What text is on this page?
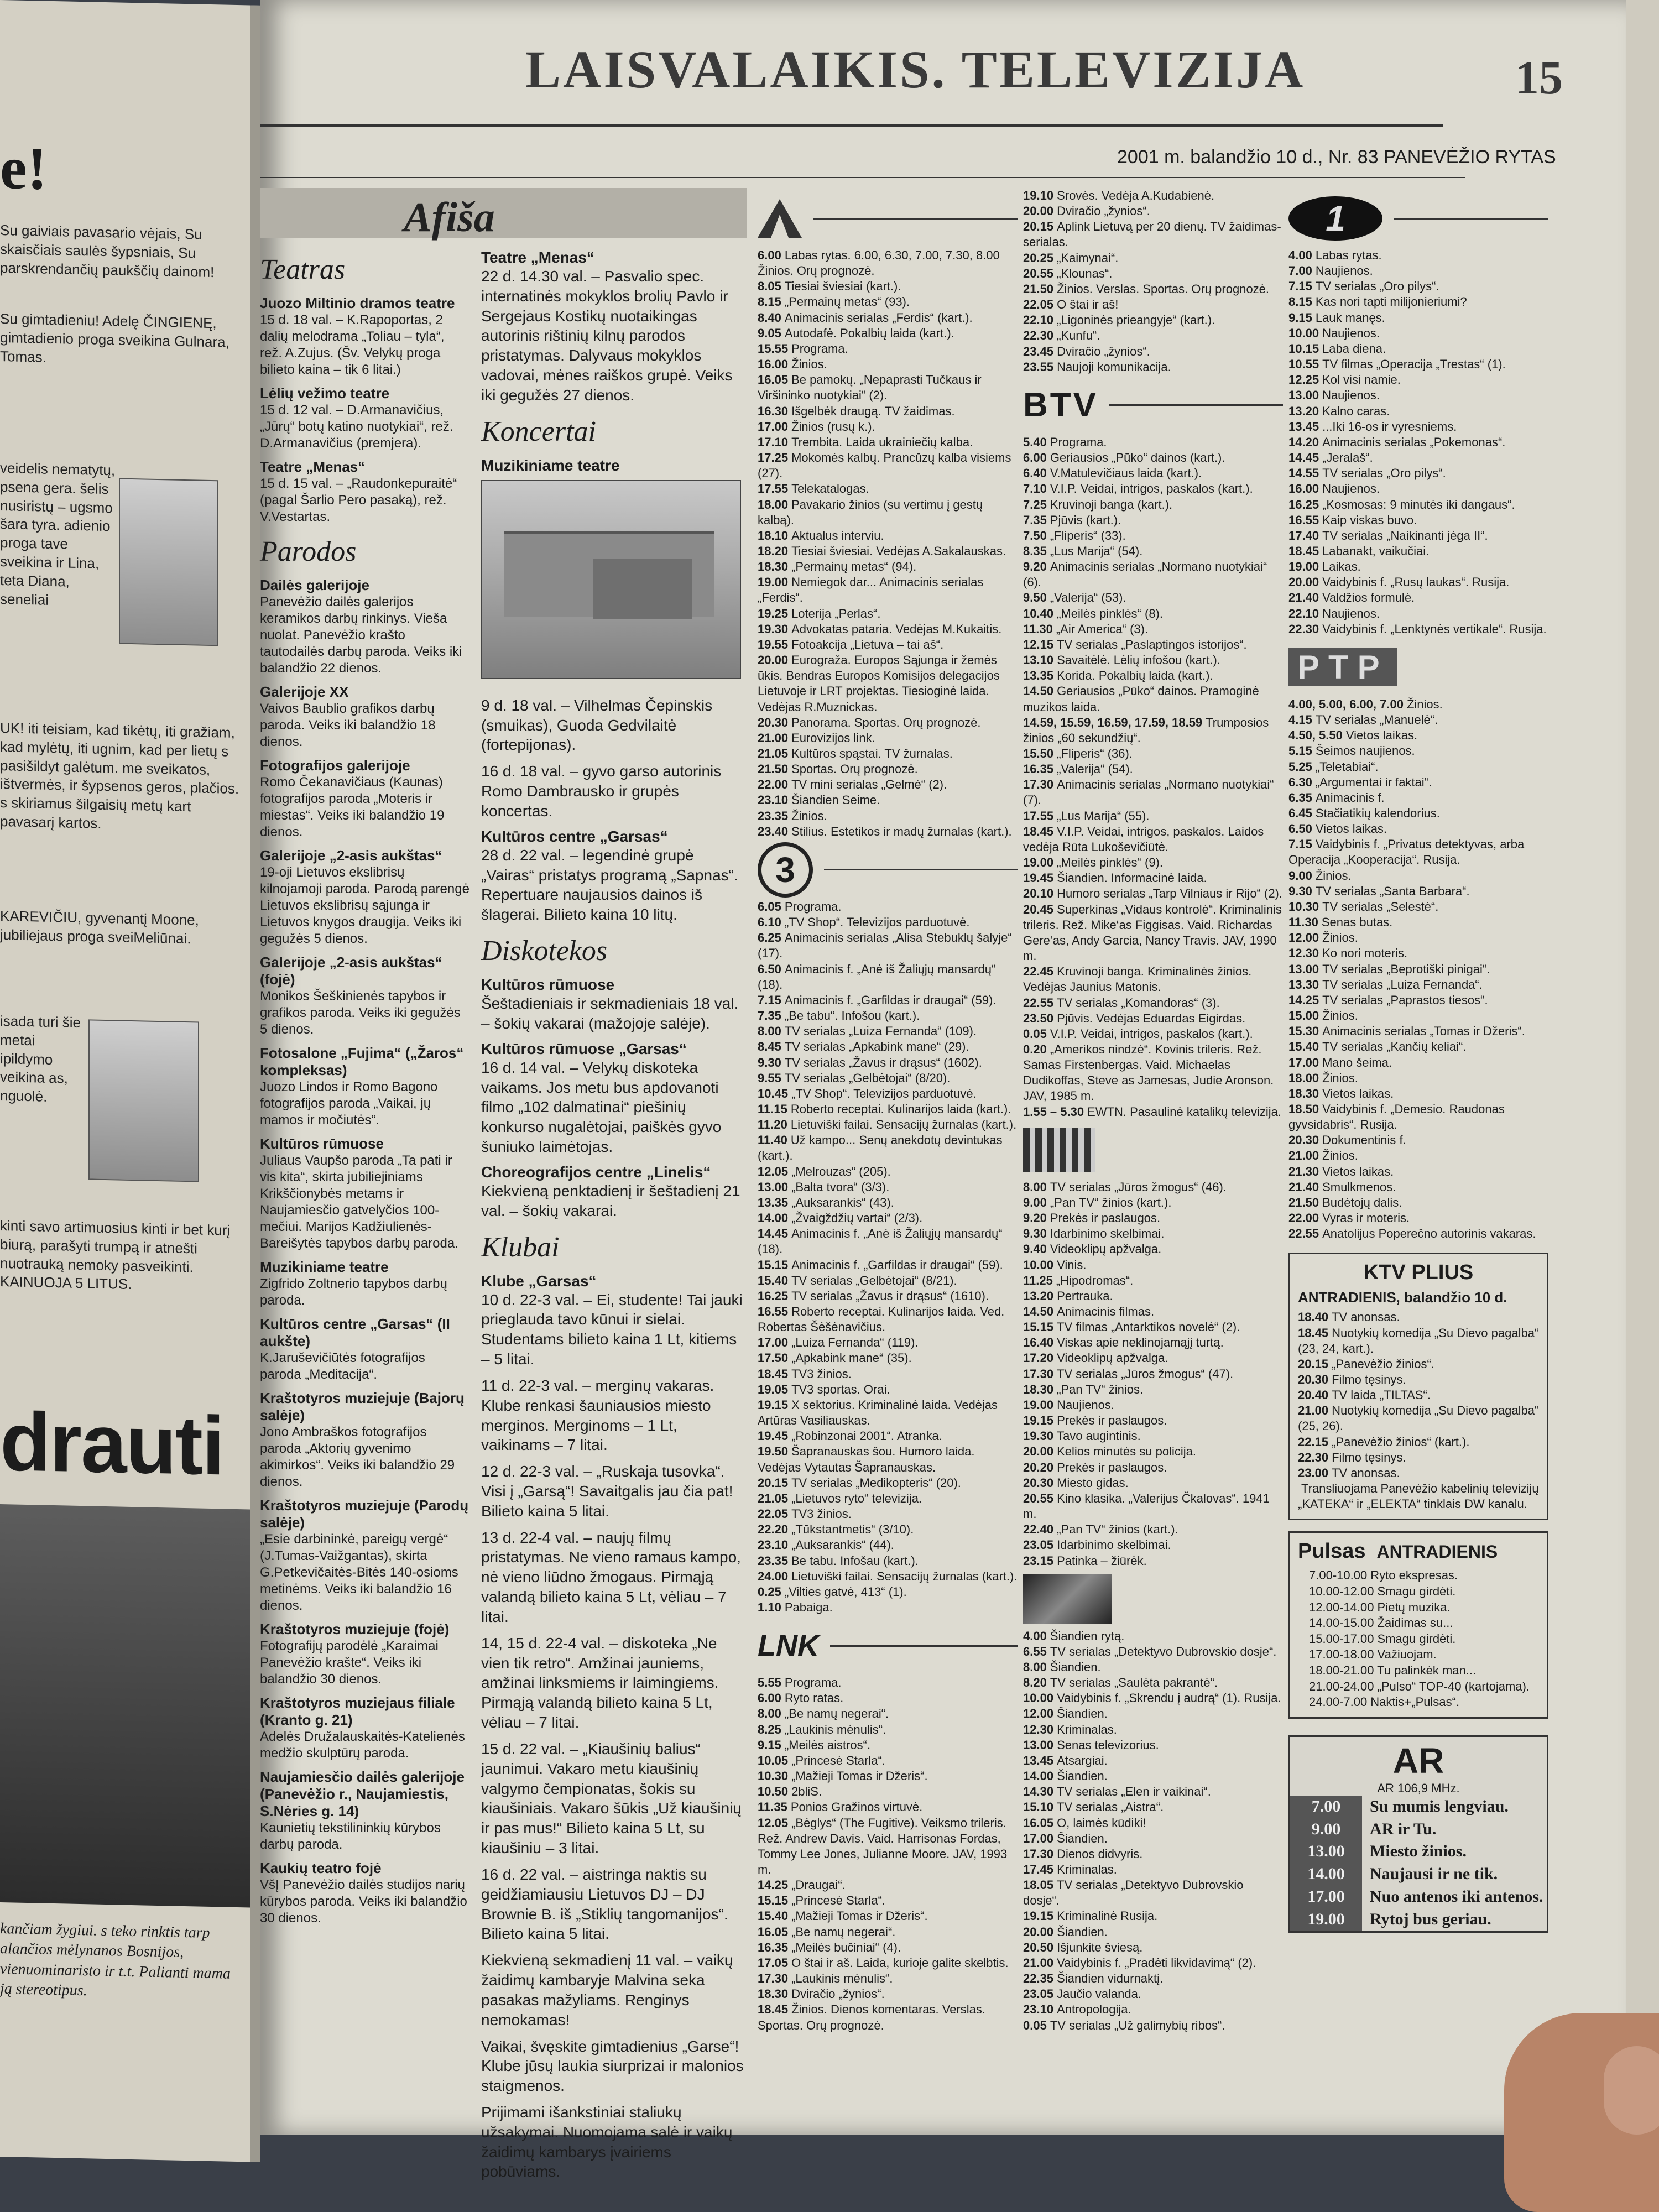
e!
Su gaiviais pavasario vėjais, Su skaisčiais saulės šypsniais, Su parskrendančių paukščių dainom!
Su gimtadieniu! Adelę ČINGIENĘ, gimtadienio proga sveikina Gulnara, Tomas.
veidelis nematytų, psena gera. šelis nusiristų – ugsmo šara tyra. adienio proga tave sveikina ir Lina, teta Diana, seneliai
UK! iti teisiam, kad tikėtų, iti gražiam, kad mylėtų, iti ugnim, kad per lietų s pasišildyt galėtum. me sveikatos, ištvermės, ir šypsenos geros, plačios. s skiriamus šilgaisių metų kart pavasarį kartos.
KAREVIČIU, gyvenantį Moone, jubiliejaus proga sveiMeliūnai.
isada turi šie metai ipildymo veikina as, nguolė.
kinti savo artimuosius kinti ir bet kurį biurą, parašyti trumpą ir atnešti nuotrauką nemoky pasveikinti. KAINUOJA 5 LITUS.
drauti
kančiam žygiui. s teko rinktis tarp alančios mėlynanos Bosnijos, vienuominaristo ir t.t. Palianti mama ją stereotipus.
LAISVALAIKIS. TELEVIZIJA	15
2001 m. balandžio 10 d., Nr. 83 PANEVĖŽIO RYTAS
Afiša
Teatras
Juozo Miltinio dramos teatre
15 d. 18 val. – K.Rapoportas, 2 dalių melodrama „Toliau – tyla“, rež. A.Zujus. (Šv. Velykų proga bilieto kaina – tik 6 litai.)
Lėlių vežimo teatre
15 d. 12 val. – D.Armanavičius, „Jūrų“ botų katino nuotykiai“, rež. D.Armanavičius (premjera).
Teatre „Menas“
15 d. 15 val. – „Raudonkepuraitė“ (pagal Šarlio Pero pasaką), rež. V.Vestartas.
Parodos
Dailės galerijoje
Panevėžio dailės galerijos keramikos darbų rinkinys. Vieša nuolat. Panevėžio krašto tautodailės darbų paroda. Veiks iki balandžio 22 dienos.
Galerijoje XX
Vaivos Baublio grafikos darbų paroda. Veiks iki balandžio 18 dienos.
Fotografijos galerijoje
Romo Čekanavičiaus (Kaunas) fotografijos paroda „Moteris ir miestas“. Veiks iki balandžio 19 dienos.
Galerijoje „2-asis aukštas“
19-oji Lietuvos ekslibrisų kilnojamoji paroda. Parodą parengė Lietuvos ekslibrisų sąjunga ir Lietuvos knygos draugija. Veiks iki gegužės 5 dienos.
Galerijoje „2-asis aukštas“ (fojė)
Monikos Šeškinienės tapybos ir grafikos paroda. Veiks iki gegužės 5 dienos.
Fotosalone „Fujima“ („Žaros“ kompleksas)
Juozo Lindos ir Romo Bagono fotografijos paroda „Vaikai, jų mamos ir močiutės“.
Kultūros rūmuose
Juliaus Vaupšo paroda „Ta pati ir vis kita“, skirta jubiliejiniams Krikščionybės metams ir Naujamiesčio gatvelyčios 100-mečiui. Marijos Kadžiulienės-Bareišytės tapybos darbų paroda.
Muzikiniame teatre
Zigfrido Zoltnerio tapybos darbų paroda.
Kultūros centre „Garsas“ (II aukšte)
K.Jaruševičiūtės fotografijos paroda „Meditacija“.
Kraštotyros muziejuje (Bajorų salėje)
Jono Ambraškos fotografijos paroda „Aktorių gyvenimo akimirkos“. Veiks iki balandžio 29 dienos.
Kraštotyros muziejuje (Parodų salėje)
„Esie darbininkė, pareigų vergė“ (J.Tumas-Vaižgantas), skirta G.Petkevičaitės-Bitės 140-osioms metinėms. Veiks iki balandžio 16 dienos.
Kraštotyros muziejuje (fojė)
Fotografijų parodėlė „Karaimai Panevėžio krašte“. Veiks iki balandžio 30 dienos.
Kraštotyros muziejaus filiale (Kranto g. 21)
Adelės Družalauskaitės-Katelienės medžio skulptūrų paroda.
Naujamiesčio dailės galerijoje (Panevėžio r., Naujamiestis, S.Nėries g. 14)
Kaunietių tekstilininkių kūrybos darbų paroda.
Kaukių teatro fojė
VšĮ Panevėžio dailės studijos narių kūrybos paroda. Veiks iki balandžio 30 dienos.
Teatre „Menas“
22 d. 14.30 val. – Pasvalio spec. internatinės mokyklos brolių Pavlo ir Sergejaus Kostikų nuotaikingas autorinis rištinių kilnų parodos pristatymas. Dalyvaus mokyklos vadovai, mėnes raiškos grupė. Veiks iki gegužės 27 dienos.
Koncertai
Muzikiniame teatre
9 d. 18 val. – Vilhelmas Čepinskis (smuikas), Guoda Gedvilaitė (fortepijonas).
16 d. 18 val. – gyvo garso autorinis Romo Dambrausko ir grupės koncertas.
Kultūros centre „Garsas“
28 d. 22 val. – legendinė grupė „Vairas“ pristatys programą „Sapnas“. Repertuare naujausios dainos iš šlagerai. Bilieto kaina 10 litų.
Diskotekos
Kultūros rūmuose
Šeštadieniais ir sekmadieniais 18 val. – šokių vakarai (mažojoje salėje).
Kultūros rūmuose „Garsas“
16 d. 14 val. – Velykų diskoteka vaikams. Jos metu bus apdovanoti filmo „102 dalmatinai“ piešinių konkurso nugalėtojai, paiškės gyvo šuniuko laimėtojas.
Choreografijos centre „Linelis“
Kiekvieną penktadienį ir šeštadienį 21 val. – šokių vakarai.
Klubai
Klube „Garsas“
10 d. 22-3 val. – Ei, studente! Tai jauki prieglauda tavo kūnui ir sielai. Studentams bilieto kaina 1 Lt, kitiems – 5 litai.
11 d. 22-3 val. – merginų vakaras. Klube renkasi šauniausios miesto merginos. Merginoms – 1 Lt, vaikinams – 7 litai.
12 d. 22-3 val. – „Ruskaja tusovka“. Visi į „Garsą“! Savaitgalis jau čia pat! Bilieto kaina 5 litai.
13 d. 22-4 val. – naujų filmų pristatymas. Ne vieno ramaus kampo, nė vieno liūdno žmogaus. Pirmąją valandą bilieto kaina 5 Lt, vėliau – 7 litai.
14, 15 d. 22-4 val. – diskoteka „Ne vien tik retro“. Amžinai jauniems, amžinai linksmiems ir laimingiems. Pirmąją valandą bilieto kaina 5 Lt, vėliau – 7 litai.
15 d. 22 val. – „Kiaušinių balius“ jaunimui. Vakaro metu kiaušinių valgymo čempionatas, šokis su kiaušiniais. Vakaro šūkis „Už kiaušinių ir pas mus!“ Bilieto kaina 5 Lt, su kiaušiniu – 3 litai.
16 d. 22 val. – aistringa naktis su geidžiamiausiu Lietuvos DJ – DJ Brownie B. iš „Stiklių tangomanijos“. Bilieto kaina 5 litai.
Kiekvieną sekmadienį 11 val. – vaikų žaidimų kambaryje Malvina seka pasakas mažyliams. Renginys nemokamas!
Vaikai, švęskite gimtadienius „Garse“! Klube jūsų laukia siurprizai ir malonios staigmenos.
Prijimami išankstiniai staliukų užsakymai. Nuomojama salė ir vaikų žaidimų kambarys įvairiems pobūviams.
6.00 Labas rytas. 6.00, 6.30, 7.00, 7.30, 8.00 Žinios. Orų prognozė.
8.05 Tiesiai šviesiai (kart.).
8.15 „Permainų metas“ (93).
8.40 Animacinis serialas „Ferdis“ (kart.).
9.05 Autodafė. Pokalbių laida (kart.).
15.55 Programa.
16.00 Žinios.
16.05 Be pamokų. „Nepaprasti Tučkaus ir Viršininko nuotykiai“ (2).
16.30 Išgelbėk draugą. TV žaidimas.
17.00 Žinios (rusų k.).
17.10 Trembita. Laida ukrainiečių kalba.
17.25 Mokomės kalbų. Prancūzų kalba visiems (27).
17.55 Telekatalogas.
18.00 Pavakario žinios (su vertimu į gestų kalbą).
18.10 Aktualus interviu.
18.20 Tiesiai šviesiai. Vedėjas A.Sakalauskas.
18.30 „Permainų metas“ (94).
19.00 Nemiegok dar... Animacinis serialas „Ferdis“.
19.25 Loterija „Perlas“.
19.30 Advokatas pataria. Vedėjas M.Kukaitis.
19.55 Fotoakcija „Lietuva – tai aš“.
20.00 Eurograža. Europos Sąjunga ir žemės ūkis. Bendras Europos Komisijos delegacijos Lietuvoje ir LRT projektas. Tiesioginė laida. Vedėjas R.Muznickas.
20.30 Panorama. Sportas. Orų prognozė.
21.00 Eurovizijos link.
21.05 Kultūros spąstai. TV žurnalas.
21.50 Sportas. Orų prognozė.
22.00 TV mini serialas „Gelmė“ (2).
23.10 Šiandien Seime.
23.35 Žinios.
23.40 Stilius. Estetikos ir madų žurnalas (kart.).
3
6.05 Programa.
6.10 „TV Shop“. Televizijos parduotuvė.
6.25 Animacinis serialas „Alisa Stebuklų šalyje“ (17).
6.50 Animacinis f. „Anė iš Žaliųjų mansardų“ (18).
7.15 Animacinis f. „Garfildas ir draugai“ (59).
7.35 „Be tabu“. Infošou (kart.).
8.00 TV serialas „Luiza Fernanda“ (109).
8.45 TV serialas „Apkabink mane“ (29).
9.30 TV serialas „Žavus ir drąsus“ (1602).
9.55 TV serialas „Gelbėtojai“ (8/20).
10.45 „TV Shop“. Televizijos parduotuvė.
11.15 Roberto receptai. Kulinarijos laida (kart.).
11.20 Lietuviški failai. Sensacijų žurnalas (kart.).
11.40 Už kampo... Senų anekdotų devintukas (kart.).
12.05 „Melrouzas“ (205).
13.00 „Balta tvora“ (3/3).
13.35 „Auksarankis“ (43).
14.00 „Žvaigždžių vartai“ (2/3).
14.45 Animacinis f. „Anė iš Žaliųjų mansardų“ (18).
15.15 Animacinis f. „Garfildas ir draugai“ (59).
15.40 TV serialas „Gelbėtojai“ (8/21).
16.25 TV serialas „Žavus ir drąsus“ (1610).
16.55 Roberto receptai. Kulinarijos laida. Ved. Robertas Šėšėnavičius.
17.00 „Luiza Fernanda“ (119).
17.50 „Apkabink mane“ (35).
18.45 TV3 žinios.
19.05 TV3 sportas. Orai.
19.15 X sektorius. Kriminalinė laida. Vedėjas Artūras Vasiliauskas.
19.45 „Robinzonai 2001“. Atranka.
19.50 Šapranauskas šou. Humoro laida. Vedėjas Vytautas Šapranauskas.
20.15 TV serialas „Medikopteris“ (20).
21.05 „Lietuvos ryto“ televizija.
22.05 TV3 žinios.
22.20 „Tūkstantmetis“ (3/10).
23.10 „Auksarankis“ (44).
23.35 Be tabu. Infošau (kart.).
24.00 Lietuviški failai. Sensacijų žurnalas (kart.).
0.25 „Vilties gatvė, 413“ (1).
1.10 Pabaiga.
LNK
5.55 Programa.
6.00 Ryto ratas.
8.00 „Be namų negerai“.
8.25 „Laukinis mėnulis“.
9.15 „Meilės aistros“.
10.05 „Princesė Starla“.
10.30 „Mažieji Tomas ir Džeris“.
10.50 2bliS.
11.35 Ponios Gražinos virtuvė.
12.05 „Bėglys“ (The Fugitive). Veiksmo trileris. Rež. Andrew Davis. Vaid. Harrisonas Fordas, Tommy Lee Jones, Julianne Moore. JAV, 1993 m.
14.25 „Draugai“.
15.15 „Princesė Starla“.
15.40 „Mažieji Tomas ir Džeris“.
16.05 „Be namų negerai“.
16.35 „Meilės bučiniai“ (4).
17.05 O štai ir aš. Laida, kurioje galite skelbtis.
17.30 „Laukinis mėnulis“.
18.30 Dviračio „žynios“.
18.45 Žinios. Dienos komentaras. Verslas. Sportas. Orų prognozė.
19.10 Srovės. Vedėja A.Kudabienė.
20.00 Dviračio „žynios“.
20.15 Aplink Lietuvą per 20 dienų. TV žaidimas-serialas.
20.25 „Kaimynai“.
20.55 „Klounas“.
21.50 Žinios. Verslas. Sportas. Orų prognozė.
22.05 O štai ir aš!
22.10 „Ligoninės prieangyje“ (kart.).
22.30 „Kunfu“.
23.45 Dviračio „žynios“.
23.55 Naujoji komunikacija.
BTV
5.40 Programa.
6.00 Geriausios „Pūko“ dainos (kart.).
6.40 V.Matulevičiaus laida (kart.).
7.10 V.I.P. Veidai, intrigos, paskalos (kart.).
7.25 Kruvinoji banga (kart.).
7.35 Pjūvis (kart.).
7.50 „Fliperis“ (33).
8.35 „Lus Marija“ (54).
9.20 Animacinis serialas „Normano nuotykiai“ (6).
9.50 „Valerija“ (53).
10.40 „Meilės pinklės“ (8).
11.30 „Air America“ (3).
12.15 TV serialas „Paslaptingos istorijos“.
13.10 Savaitėlė. Lėlių infošou (kart.).
13.35 Korida. Pokalbių laida (kart.).
14.50 Geriausios „Pūko“ dainos. Pramoginė muzikos laida.
14.59, 15.59, 16.59, 17.59, 18.59 Trumposios žinios „60 sekundžių“.
15.50 „Fliperis“ (36).
16.35 „Valerija“ (54).
17.30 Animacinis serialas „Normano nuotykiai“ (7).
17.55 „Lus Marija“ (55).
18.45 V.I.P. Veidai, intrigos, paskalos. Laidos vedėja Rūta Lukoševičiūtė.
19.00 „Meilės pinklės“ (9).
19.45 Šiandien. Informacinė laida.
20.10 Humoro serialas „Tarp Vilniaus ir Rijo“ (2).
20.45 Superkinas „Vidaus kontrolė“. Kriminalinis trileris. Rež. Mike‘as Figgisas. Vaid. Richardas Gere‘as, Andy Garcia, Nancy Travis. JAV, 1990 m.
22.45 Kruvinoji banga. Kriminalinės žinios. Vedėjas Jaunius Matonis.
22.55 TV serialas „Komandoras“ (3).
23.50 Pjūvis. Vedėjas Eduardas Eigirdas.
0.05 V.I.P. Veidai, intrigos, paskalos (kart.).
0.20 „Amerikos nindzė“. Kovinis trileris. Rež. Samas Firstenbergas. Vaid. Michaelas Dudikoffas, Steve as Jamesas, Judie Aronson. JAV, 1985 m.
1.55 – 5.30 EWTN. Pasaulinė katalikų televizija.
8.00 TV serialas „Jūros žmogus“ (46).
9.00 „Pan TV“ žinios (kart.).
9.20 Prekės ir paslaugos.
9.30 Idarbinimo skelbimai.
9.40 Videoklipų apžvalga.
10.00 Vinis.
11.25 „Hipodromas“.
13.20 Pertrauka.
14.50 Animacinis filmas.
15.15 TV filmas „Antarktikos novelė“ (2).
16.40 Viskas apie neklinojamąjį turtą.
17.20 Videoklipų apžvalga.
17.30 TV serialas „Jūros žmogus“ (47).
18.30 „Pan TV“ žinios.
19.00 Naujienos.
19.15 Prekės ir paslaugos.
19.30 Tavo augintinis.
20.00 Kelios minutės su policija.
20.20 Prekės ir paslaugos.
20.30 Miesto gidas.
20.55 Kino klasika. „Valerijus Čkalovas“. 1941 m.
22.40 „Pan TV“ žinios (kart.).
23.05 Idarbinimo skelbimai.
23.15 Patinka – žiūrėk.
4.00 Šiandien rytą.
6.55 TV serialas „Detektyvo Dubrovskio dosje“.
8.00 Šiandien.
8.20 TV serialas „Saulėta pakrantė“.
10.00 Vaidybinis f. „Skrendu į audrą“ (1). Rusija.
12.00 Šiandien.
12.30 Kriminalas.
13.00 Senas televizorius.
13.45 Atsargiai.
14.00 Šiandien.
14.30 TV serialas „Elen ir vaikinai“.
15.10 TV serialas „Aistra“.
16.05 O, laimės kūdiki!
17.00 Šiandien.
17.30 Dienos didvyris.
17.45 Kriminalas.
18.05 TV serialas „Detektyvo Dubrovskio dosje“.
19.15 Kriminalinė Rusija.
20.00 Šiandien.
20.50 Išjunkite šviesą.
21.00 Vaidybinis f. „Pradėti likvidavimą“ (2).
22.35 Šiandien vidurnaktį.
23.05 Jaučio valanda.
23.10 Antropologija.
0.05 TV serialas „Už galimybių ribos“.
1
4.00 Labas rytas.
7.00 Naujienos.
7.15 TV serialas „Oro pilys“.
8.15 Kas nori tapti milijonieriumi?
9.15 Lauk manęs.
10.00 Naujienos.
10.15 Laba diena.
10.55 TV filmas „Operacija „Trestas“ (1).
12.25 Kol visi namie.
13.00 Naujienos.
13.20 Kalno caras.
13.45 ...Iki 16-os ir vyresniems.
14.20 Animacinis serialas „Pokemonas“.
14.45 „Jeralaš“.
14.55 TV serialas „Oro pilys“.
16.00 Naujienos.
16.25 „Kosmosas: 9 minutės iki dangaus“.
16.55 Kaip viskas buvo.
17.40 TV serialas „Naikinanti jėga II“.
18.45 Labanakt, vaikučiai.
19.00 Laikas.
20.00 Vaidybinis f. „Rusų laukas“. Rusija.
21.40 Valdžios formulė.
22.10 Naujienos.
22.30 Vaidybinis f. „Lenktynės vertikale“. Rusija.
PTP
4.00, 5.00, 6.00, 7.00 Žinios.
4.15 TV serialas „Manuelė“.
4.50, 5.50 Vietos laikas.
5.15 Šeimos naujienos.
5.25 „Teletabiai“.
6.30 „Argumentai ir faktai“.
6.35 Animacinis f.
6.45 Stačiatikių kalendorius.
6.50 Vietos laikas.
7.15 Vaidybinis f. „Privatus detektyvas, arba Operacija „Kooperacija“. Rusija.
9.00 Žinios.
9.30 TV serialas „Santa Barbara“.
10.30 TV serialas „Selestė“.
11.30 Senas butas.
12.00 Žinios.
12.30 Ko nori moteris.
13.00 TV serialas „Beprotiški pinigai“.
13.30 TV serialas „Luiza Fernanda“.
14.25 TV serialas „Paprastos tiesos“.
15.00 Žinios.
15.30 Animacinis serialas „Tomas ir Džeris“.
15.40 TV serialas „Kančių keliai“.
17.00 Mano šeima.
18.00 Žinios.
18.30 Vietos laikas.
18.50 Vaidybinis f. „Demesio. Raudonas gyvsidabris“. Rusija.
20.30 Dokumentinis f.
21.00 Žinios.
21.30 Vietos laikas.
21.40 Smulkmenos.
21.50 Budėtojų dalis.
22.00 Vyras ir moteris.
22.55 Anatolijus Poperečno autorinis vakaras.
KTV PLIUS
ANTRADIENIS, balandžio 10 d.
18.40 TV anonsas.
18.45 Nuotykių komedija „Su Dievo pagalba“ (23, 24, kart.).
20.15 „Panevėžio žinios“.
20.30 Filmo tęsinys.
20.40 TV laida „TILTAS“.
21.00 Nuotykių komedija „Su Dievo pagalba“ (25, 26).
22.15 „Panevėžio žinios“ (kart.).
22.30 Filmo tęsinys.
23.00 TV anonsas.
Transliuojama Panevėžio kabelinių televizijų „KATEKA“ ir „ELEKTA“ tinklais DW kanalu.
Pulsas ANTRADIENIS
7.00-10.00 Ryto ekspresas.
10.00-12.00 Smagu girdėti.
12.00-14.00 Pietų muzika.
14.00-15.00 Žaidimas su...
15.00-17.00 Smagu girdėti.
17.00-18.00 Važiuojam.
18.00-21.00 Tu palinkėk man...
21.00-24.00 „Pulso“ TOP-40 (kartojama).
24.00-7.00 Naktis+„Pulsas“.
AR
AR 106,9 MHz.
7.00	Su mumis lengviau.
9.00	AR ir Tu.
13.00	Miesto žinios.
14.00	Naujausi ir ne tik.
17.00	Nuo antenos iki antenos.
19.00	Rytoj bus geriau.
